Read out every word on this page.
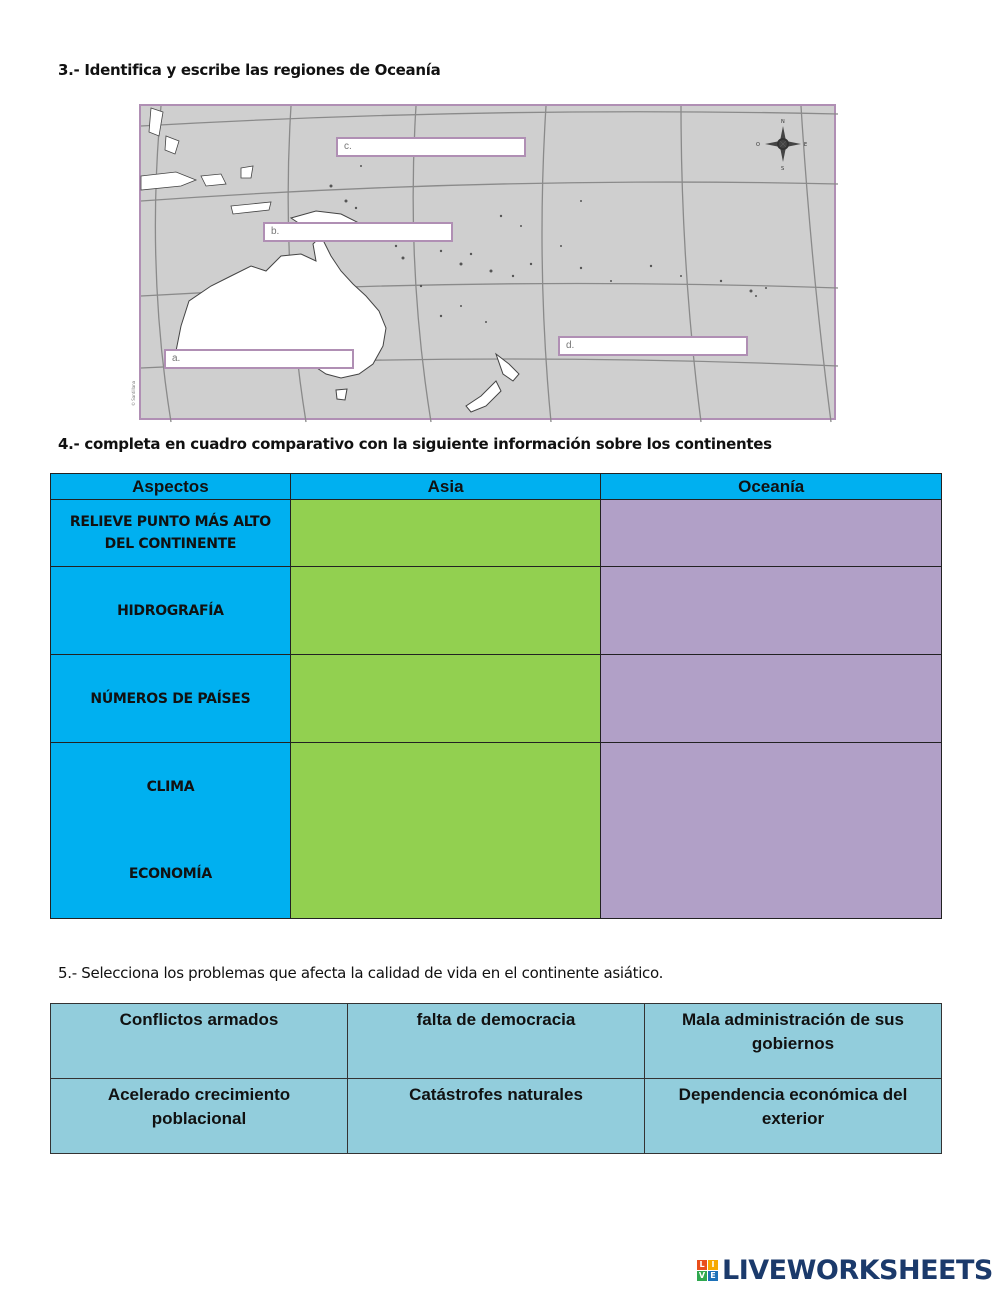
3.- Identifica y escribe las regiones de Oceanía
N
S
E
O
© Santillana
c.
b.
a.
d.
4.- completa en cuadro comparativo con la siguiente información sobre los continentes
Aspectos	Asia	Oceanía
RELIEVE PUNTO MÁS ALTO
DEL CONTINENTE		
HIDROGRAFÍA		
NÚMEROS DE PAÍSES		
CLIMA		
ECONOMÍA		
5.- Selecciona los problemas que afecta la calidad de vida en el continente asiático.
Conflictos armados	falta de democracia	Mala administración de sus gobiernos
Acelerado crecimiento poblacional	Catástrofes naturales	Dependencia económica del exterior
L I
V E LIVEWORKSHEETS
